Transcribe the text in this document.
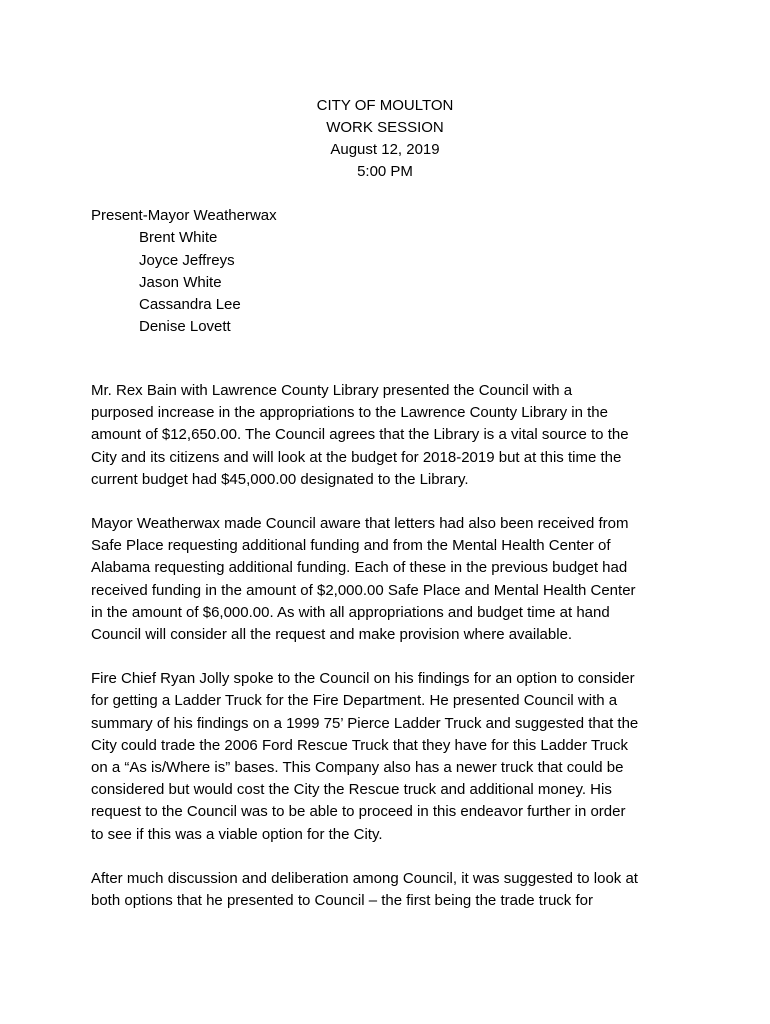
CITY OF MOULTON
WORK SESSION
August 12, 2019
5:00 PM
Present-Mayor Weatherwax
Brent White
Joyce Jeffreys
Jason White
Cassandra Lee
Denise Lovett
Mr. Rex Bain with Lawrence County Library presented the Council with a
purposed increase in the appropriations to the Lawrence County Library in the
amount of $12,650.00. The Council agrees that the Library is a vital source to the
City and its citizens and will look at the budget for 2018-2019 but at this time the
current budget had $45,000.00 designated to the Library.
Mayor Weatherwax made Council aware that letters had also been received from
Safe Place requesting additional funding and from the Mental Health Center of
Alabama requesting additional funding. Each of these in the previous budget had
received funding in the amount of $2,000.00 Safe Place and Mental Health Center
in the amount of $6,000.00. As with all appropriations and budget time at hand
Council will consider all the request and make provision where available.
Fire Chief Ryan Jolly spoke to the Council on his findings for an option to consider
for getting a Ladder Truck for the Fire Department. He presented Council with a
summary of his findings on a 1999 75’ Pierce Ladder Truck and suggested that the
City could trade the 2006 Ford Rescue Truck that they have for this Ladder Truck
on a “As is/Where is” bases. This Company also has a newer truck that could be
considered but would cost the City the Rescue truck and additional money. His
request to the Council was to be able to proceed in this endeavor further in order
to see if this was a viable option for the City.
After much discussion and deliberation among Council, it was suggested to look at
both options that he presented to Council – the first being the trade truck for
